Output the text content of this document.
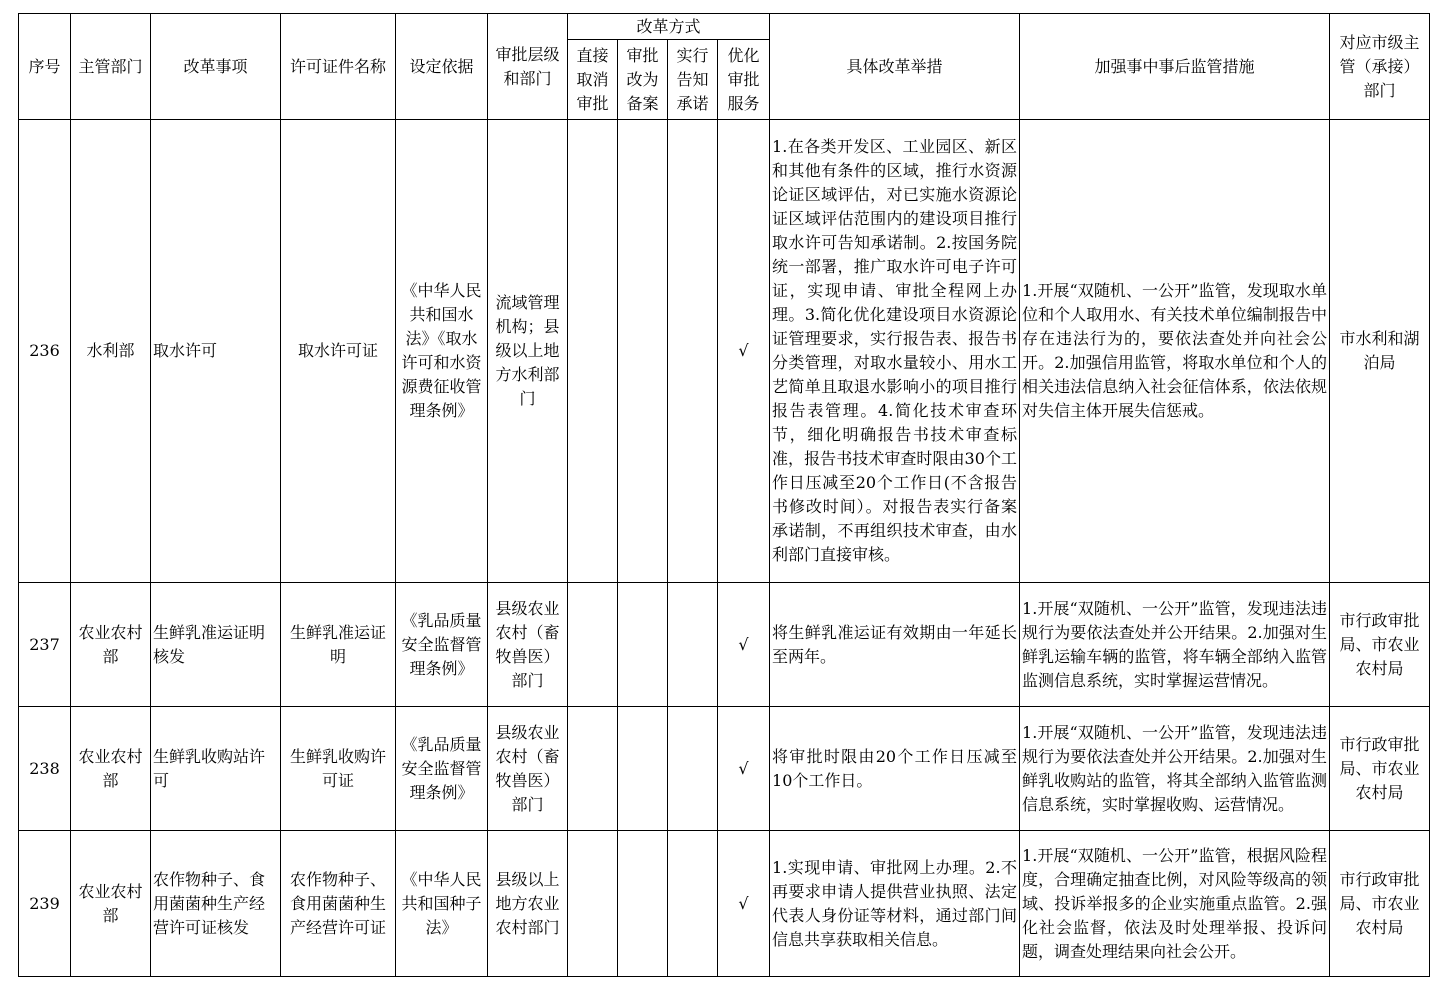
序号	主管部门	改革事项	许可证件名称	设定依据	审批层级和部门	改革方式				具体改革举措	加强事中事后监管措施	对应市级主管（承接）部门
						直接取消审批	审批改为备案	实行告知承诺	优化审批服务			
236	水利部	取水许可	取水许可证	《中华人民共和国水法》《取水许可和水资源费征收管理条例》	流域管理机构；县级以上地方水利部门				√	1.在各类开发区、工业园区、新区和其他有条件的区域，推行水资源论证区域评估，对已实施水资源论证区域评估范围内的建设项目推行取水许可告知承诺制。2.按国务院统一部署，推广取水许可电子许可证，实现申请、审批全程网上办理。3.简化优化建设项目水资源论证管理要求，实行报告表、报告书分类管理，对取水量较小、用水工艺简单且取退水影响小的项目推行报告表管理。4.简化技术审查环节，细化明确报告书技术审查标准，报告书技术审查时限由30个工作日压减至20个工作日(不含报告书修改时间）。对报告表实行备案承诺制，不再组织技术审查，由水利部门直接审核。	1.开展“双随机、一公开”监管，发现取水单位和个人取用水、有关技术单位编制报告中存在违法行为的，要依法查处并向社会公开。2.加强信用监管，将取水单位和个人的相关违法信息纳入社会征信体系，依法依规对失信主体开展失信惩戒。	市水利和湖泊局
237	农业农村部	生鲜乳准运证明核发	生鲜乳准运证明	《乳品质量安全监督管理条例》	县级农业农村（畜牧兽医）部门				√	将生鲜乳准运证有效期由一年延长至两年。	1.开展“双随机、一公开”监管，发现违法违规行为要依法查处并公开结果。2.加强对生鲜乳运输车辆的监管，将车辆全部纳入监管监测信息系统，实时掌握运营情况。	市行政审批局、市农业农村局
238	农业农村部	生鲜乳收购站许可	生鲜乳收购许可证	《乳品质量安全监督管理条例》	县级农业农村（畜牧兽医）部门				√	将审批时限由20个工作日压减至10个工作日。	1.开展“双随机、一公开”监管，发现违法违规行为要依法查处并公开结果。2.加强对生鲜乳收购站的监管，将其全部纳入监管监测信息系统，实时掌握收购、运营情况。	市行政审批局、市农业农村局
239	农业农村部	农作物种子、食用菌菌种生产经营许可证核发	农作物种子、食用菌菌种生产经营许可证	《中华人民共和国种子法》	县级以上地方农业农村部门				√	1.实现申请、审批网上办理。2.不再要求申请人提供营业执照、法定代表人身份证等材料，通过部门间信息共享获取相关信息。	1.开展“双随机、一公开”监管，根据风险程度，合理确定抽查比例，对风险等级高的领域、投诉举报多的企业实施重点监管。2.强化社会监督，依法及时处理举报、投诉问题，调查处理结果向社会公开。	市行政审批局、市农业农村局
